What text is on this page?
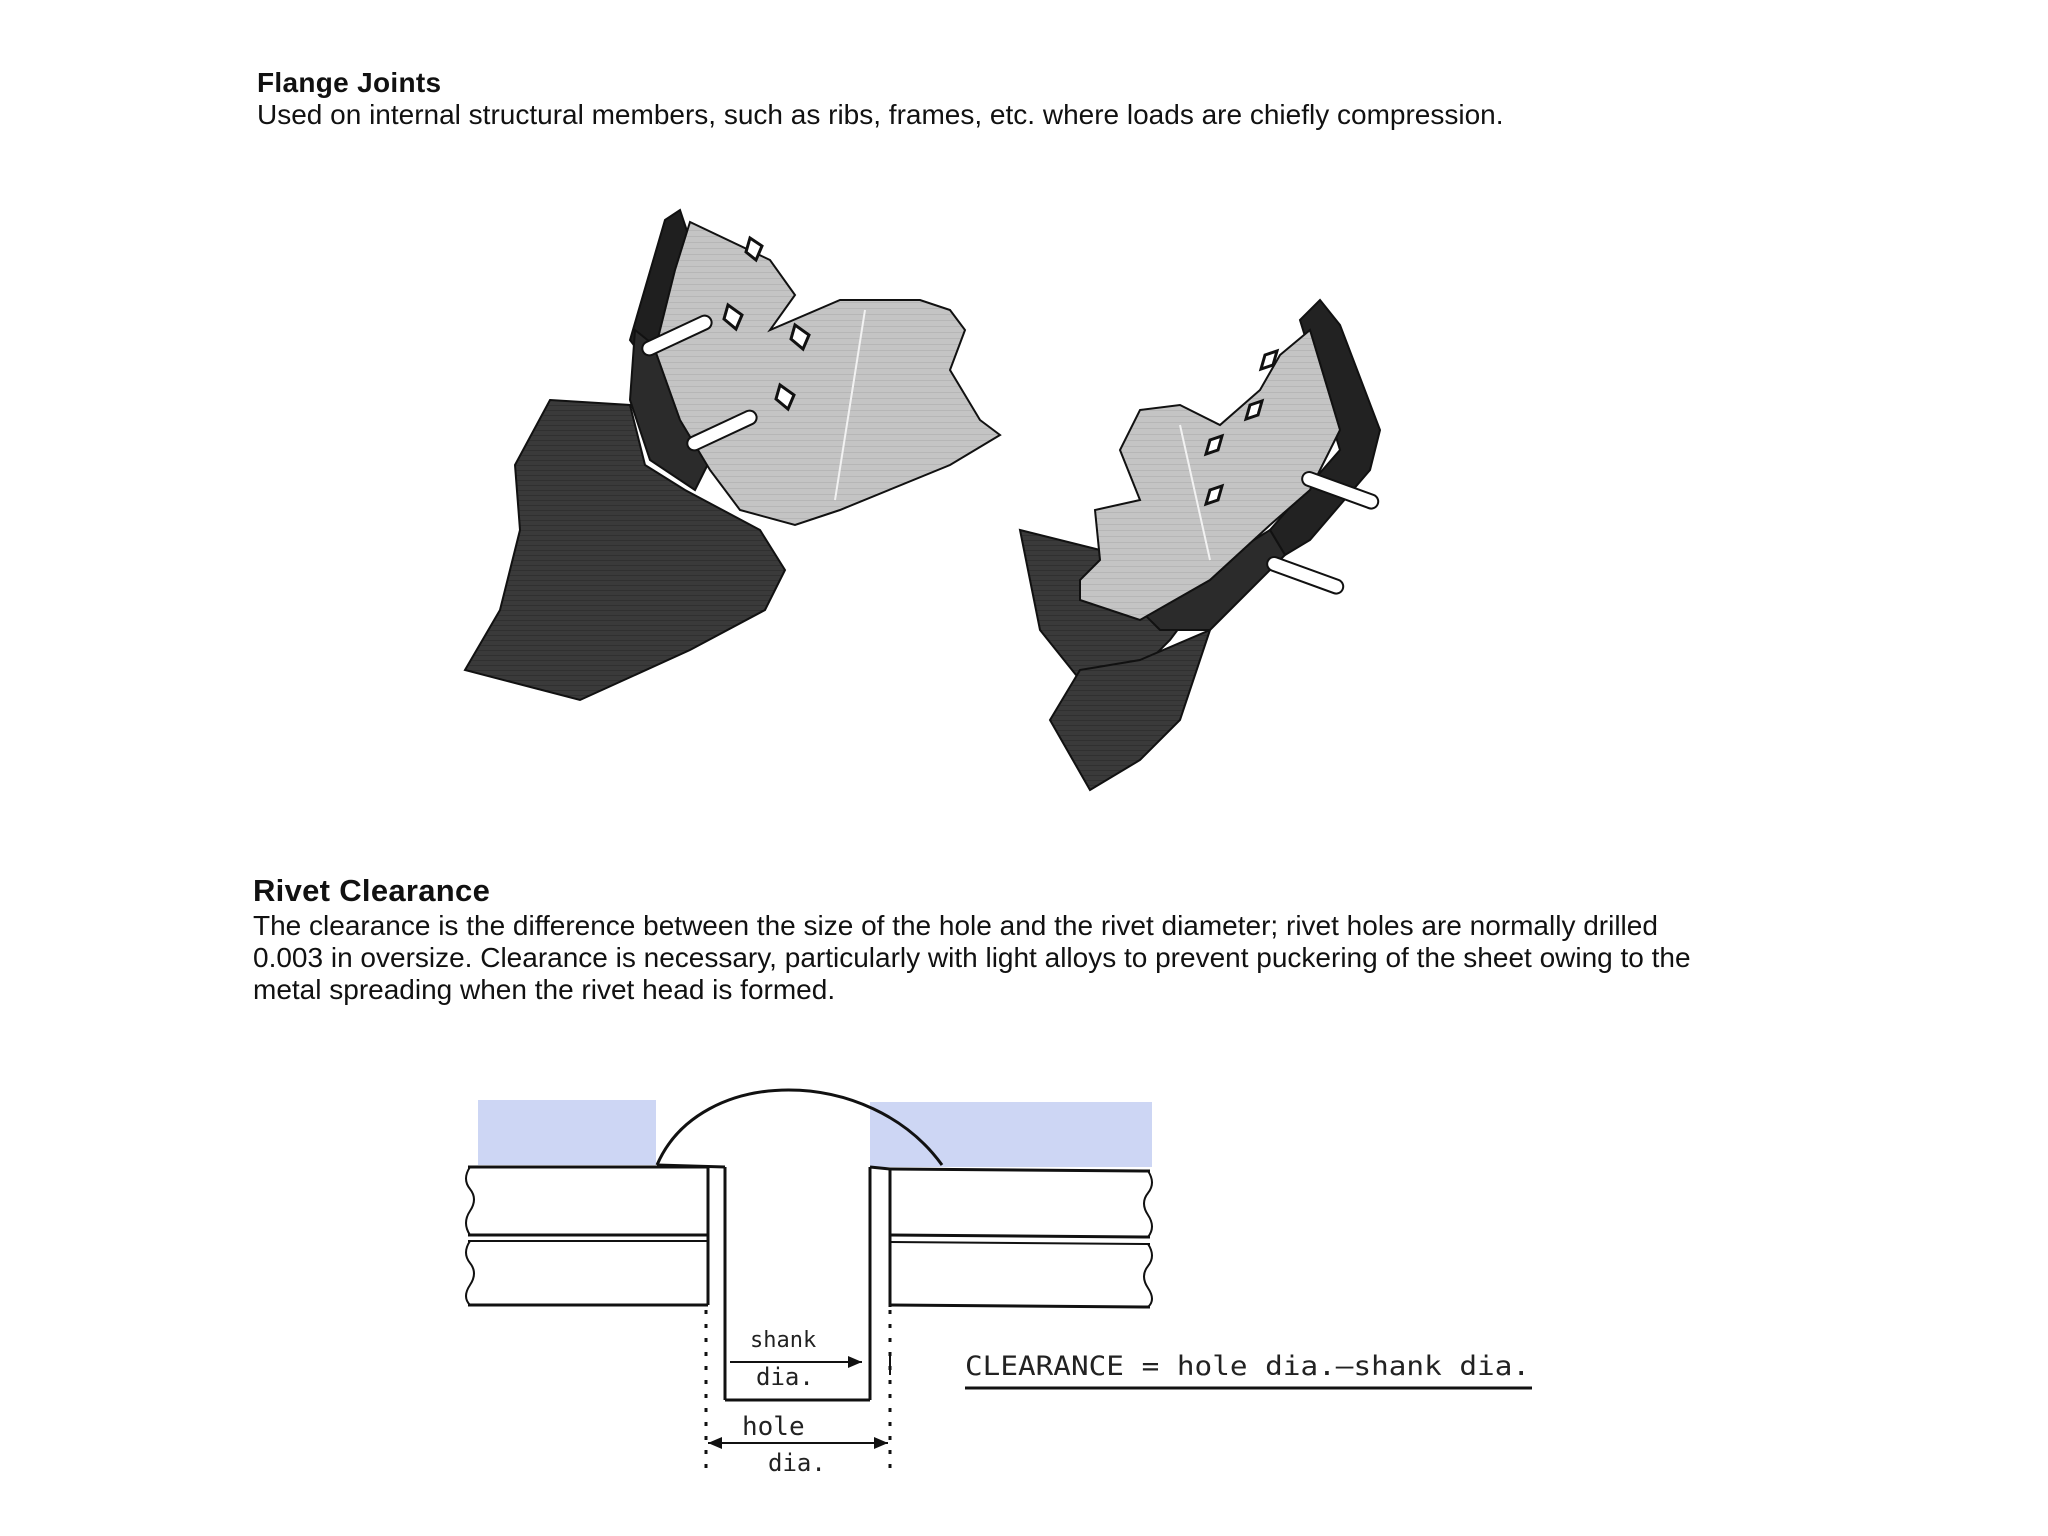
Flange Joints

Used on internal structural members, such as ribs, frames, etc. where loads are chiefly compression.

Rivet Clearance

The clearance is the difference between the size of the hole and the rivet diameter; rivet holes are normally drilled 0.003 in oversize. Clearance is necessary, particularly with light alloys to prevent puckering of the sheet owing to the metal spreading when the rivet head is formed.

shank
dia.
hole
dia.
CLEARANCE = hole dia.—shank dia.
